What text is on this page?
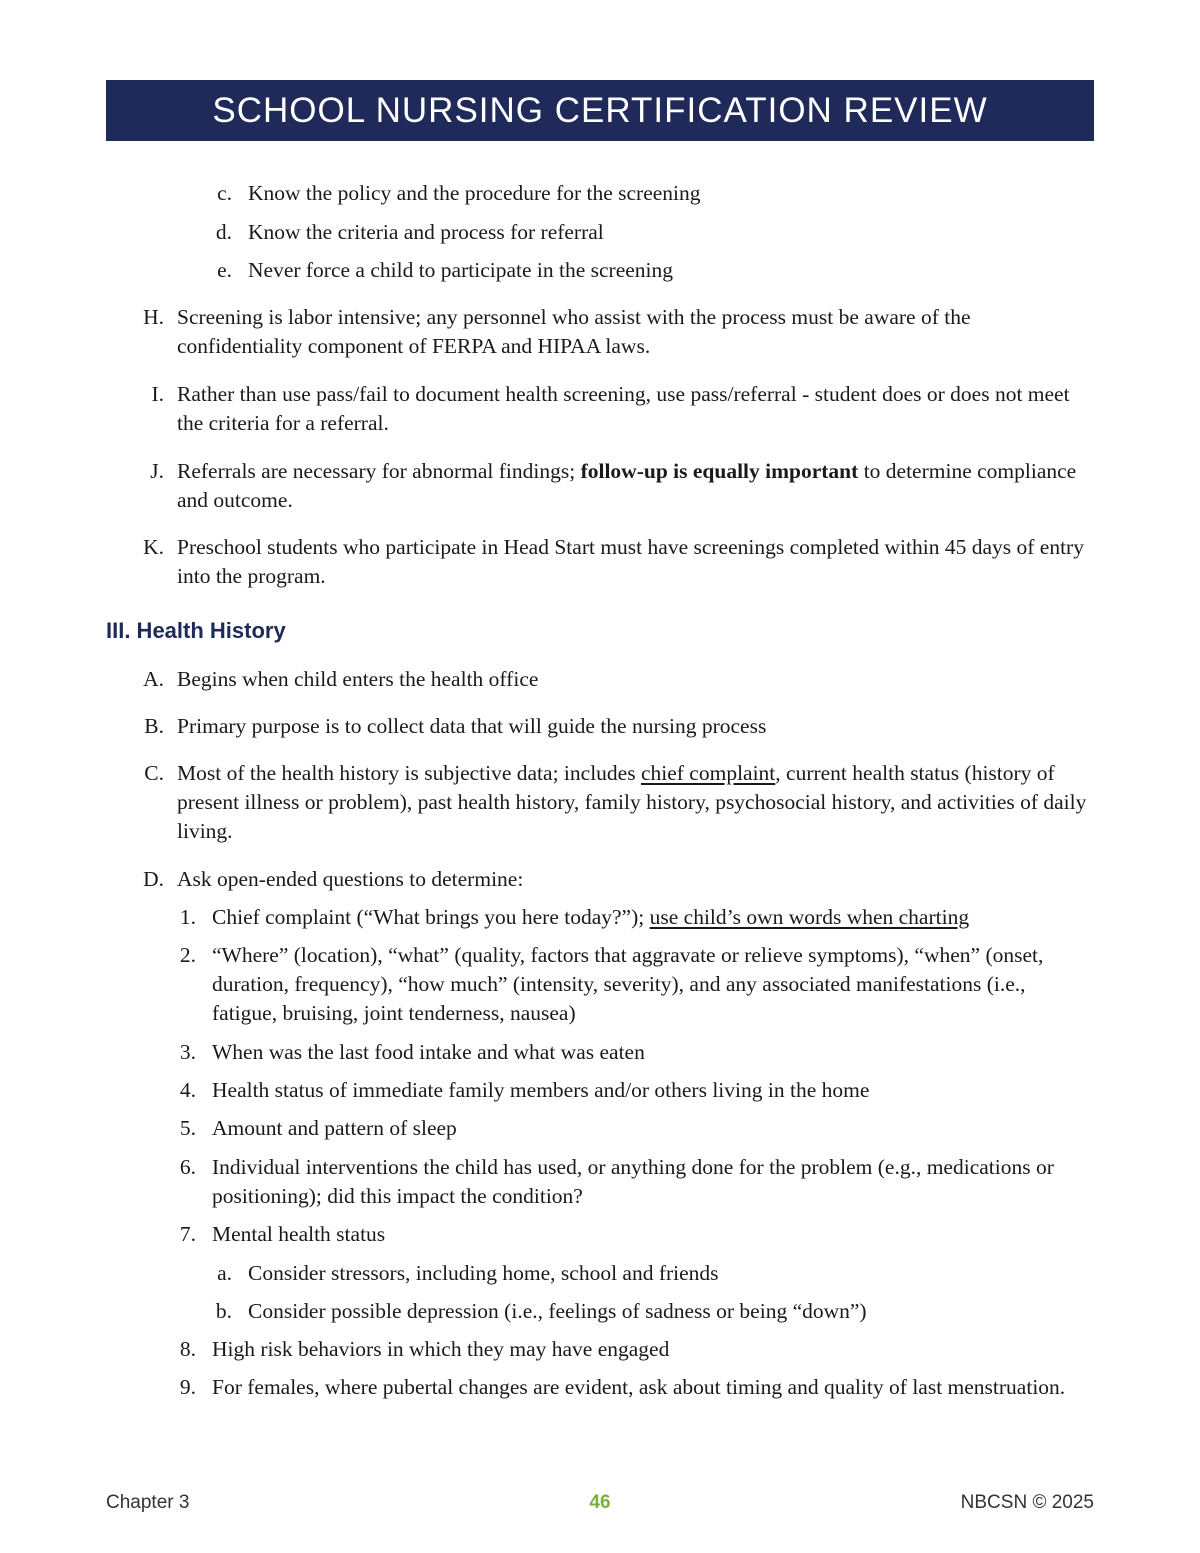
SCHOOL NURSING CERTIFICATION REVIEW
c. Know the policy and the procedure for the screening
d. Know the criteria and process for referral
e. Never force a child to participate in the screening
H. Screening is labor intensive; any personnel who assist with the process must be aware of the confidentiality component of FERPA and HIPAA laws.
I. Rather than use pass/fail to document health screening, use pass/referral - student does or does not meet the criteria for a referral.
J. Referrals are necessary for abnormal findings; follow-up is equally important to determine compliance and outcome.
K. Preschool students who participate in Head Start must have screenings completed within 45 days of entry into the program.
III. Health History
A. Begins when child enters the health office
B. Primary purpose is to collect data that will guide the nursing process
C. Most of the health history is subjective data; includes chief complaint, current health status (history of present illness or problem), past health history, family history, psychosocial history, and activities of daily living.
D. Ask open-ended questions to determine:
1. Chief complaint (“What brings you here today?”); use child’s own words when charting
2. “Where” (location), “what” (quality, factors that aggravate or relieve symptoms), “when” (onset, duration, frequency), “how much” (intensity, severity), and any associated manifestations (i.e., fatigue, bruising, joint tenderness, nausea)
3. When was the last food intake and what was eaten
4. Health status of immediate family members and/or others living in the home
5. Amount and pattern of sleep
6. Individual interventions the child has used, or anything done for the problem (e.g., medications or positioning); did this impact the condition?
7. Mental health status
a. Consider stressors, including home, school and friends
b. Consider possible depression (i.e., feelings of sadness or being “down”)
8. High risk behaviors in which they may have engaged
9. For females, where pubertal changes are evident, ask about timing and quality of last menstruation.
Chapter 3	46	NBCSN © 2025
